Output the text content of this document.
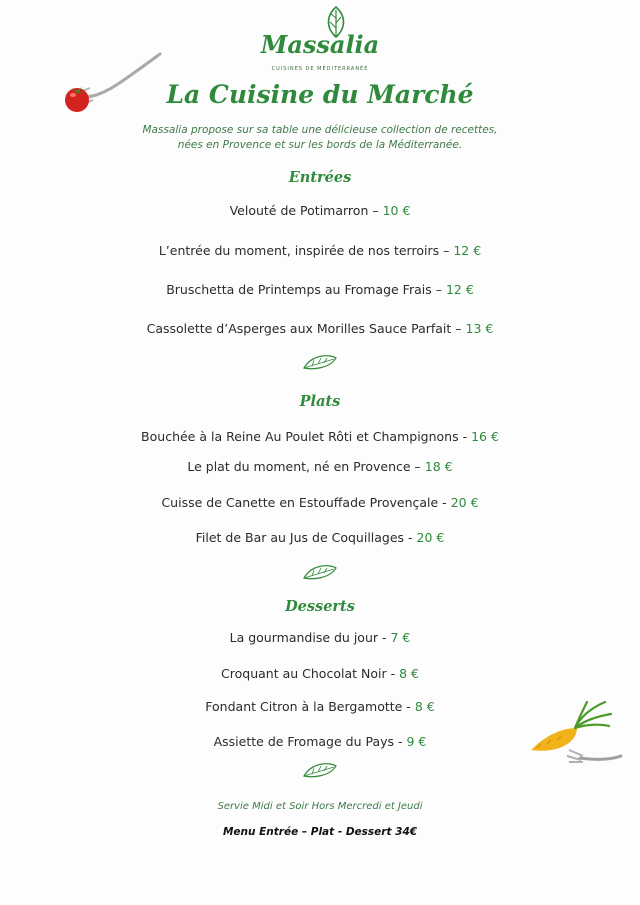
Massalia
CUISINES DE MÉDITERRANÉE
La Cuisine du Marché
Massalia propose sur sa table une délicieuse collection de recettes,
nées en Provence et sur les bords de la Méditerranée.
Entrées
Velouté de Potimarron – 10 €
L’entrée du moment, inspirée de nos terroirs – 12 €
Bruschetta de Printemps au Fromage Frais – 12 €
Cassolette d’Asperges aux Morilles Sauce Parfait – 13 €
Plats
Bouchée à la Reine Au Poulet Rôti et Champignons - 16 €
Le plat du moment, né en Provence – 18 €
Cuisse de Canette en Estouffade Provençale - 20 €
Filet de Bar au Jus de Coquillages - 20 €
Desserts
La gourmandise du jour - 7 €
Croquant au Chocolat Noir - 8 €
Fondant Citron à la Bergamotte - 8 €
Assiette de Fromage du Pays - 9 €
Servie Midi et Soir Hors Mercredi et Jeudi
Menu Entrée – Plat - Dessert 34€
